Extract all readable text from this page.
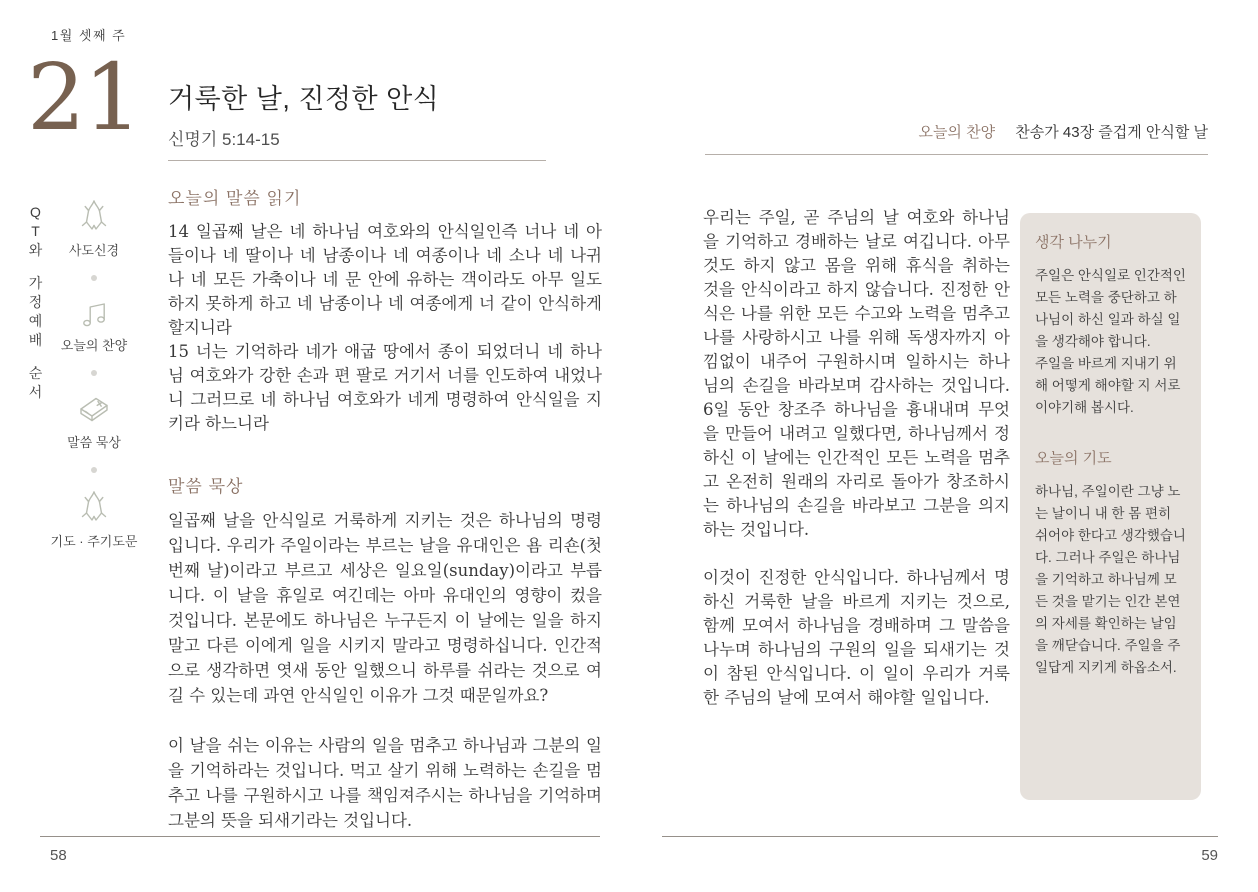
1월 셋째 주
21 거룩한 날, 진정한 안식
신명기 5:14-15
QT와
가정예배
순서
사도신경
오늘의 찬양
말씀 묵상
기도 · 주기도문
오늘의 말씀 읽기

14 일곱째 날은 네 하나님 여호와의 안식일인즉 너나 네 아들이나 네 딸이나 네 남종이나 네 여종이나 네 소나 네 나귀나 네 모든 가축이나 네 문 안에 유하는 객이라도 아무 일도 하지 못하게 하고 네 남종이나 네 여종에게 너 같이 안식하게 할지니라

15 너는 기억하라 네가 애굽 땅에서 종이 되었더니 네 하나님 여호와가 강한 손과 편 팔로 거기서 너를 인도하여 내었나니 그러므로 네 하나님 여호와가 네게 명령하여 안식일을 지키라 하느니라

말씀 묵상

일곱째 날을 안식일로 거룩하게 지키는 것은 하나님의 명령입니다. 우리가 주일이라는 부르는 날을 유대인은 욤 리숀(첫 번째 날)이라고 부르고 세상은 일요일(sunday)이라고 부릅니다. 이 날을 휴일로 여긴데는 아마 유대인의 영향이 컸을 것입니다. 본문에도 하나님은 누구든지 이 날에는 일을 하지 말고 다른 이에게 일을 시키지 말라고 명령하십니다. 인간적으로 생각하면 엿새 동안 일했으니 하루를 쉬라는 것으로 여길 수 있는데 과연 안식일인 이유가 그것 때문일까요?

이 날을 쉬는 이유는 사람의 일을 멈추고 하나님과 그분의 일을 기억하라는 것입니다. 먹고 살기 위해 노력하는 손길을 멈추고 나를 구원하시고 나를 책임져주시는 하나님을 기억하며 그분의 뜻을 되새기라는 것입니다.

58
오늘의 찬양 찬송가 43장 즐겁게 안식할 날

우리는 주일, 곧 주님의 날 여호와 하나님을 기억하고 경배하는 날로 여깁니다. 아무것도 하지 않고 몸을 위해 휴식을 취하는 것을 안식이라고 하지 않습니다. 진정한 안식은 나를 위한 모든 수고와 노력을 멈추고 나를 사랑하시고 나를 위해 독생자까지 아낌없이 내주어 구원하시며 일하시는 하나님의 손길을 바라보며 감사하는 것입니다. 6일 동안 창조주 하나님을 흉내내며 무엇을 만들어 내려고 일했다면, 하나님께서 정하신 이 날에는 인간적인 모든 노력을 멈추고 온전히 원래의 자리로 돌아가 창조하시는 하나님의 손길을 바라보고 그분을 의지하는 것입니다.

이것이 진정한 안식입니다. 하나님께서 명하신 거룩한 날을 바르게 지키는 것으로, 함께 모여서 하나님을 경배하며 그 말씀을 나누며 하나님의 구원의 일을 되새기는 것이 참된 안식입니다. 이 일이 우리가 거룩한 주님의 날에 모여서 해야할 일입니다.

생각 나누기

주일은 안식일로 인간적인 모든 노력을 중단하고 하나님이 하신 일과 하실 일을 생각해야 합니다.

주일을 바르게 지내기 위해 어떻게 해야할 지 서로 이야기해 봅시다.

오늘의 기도

하나님, 주일이란 그냥 노는 날이니 내 한 몸 편히 쉬어야 한다고 생각했습니다. 그러나 주일은 하나님을 기억하고 하나님께 모든 것을 맡기는 인간 본연의 자세를 확인하는 날임을 깨닫습니다. 주일을 주일답게 지키게 하옵소서.

59
